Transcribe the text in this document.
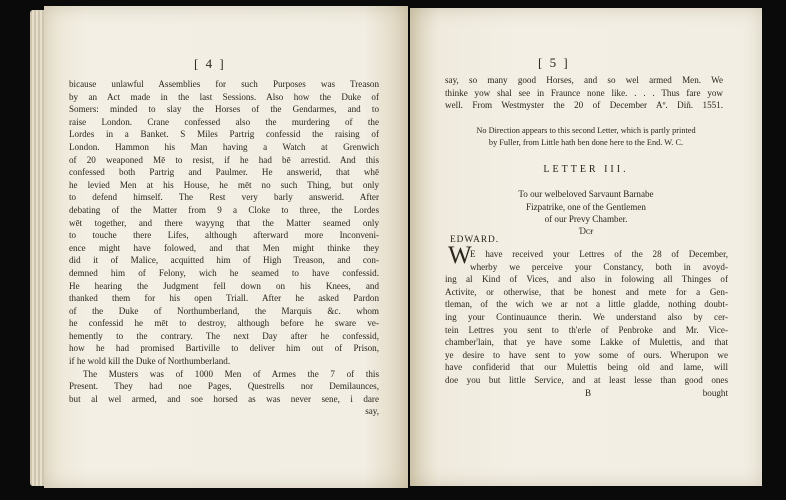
[ 4 ]
bicause unlawful Assemblies for such Purposes was Treason
by an Act made in the last Sessions. Also how the Duke of
Somers: minded to slay the Horses of the Gendarmes, and to
raise London. Crane confessed also the murdering of the
Lordes in a Banket. S Miles Partrig confessid the raising of
London. Hammon his Man having a Watch at Grenwich
of 20 weaponed Mē to resist, if he had bē arrestid. And this
confessed both Partrig and Paulmer. He answerid, that whē
he levied Men at his House, he mēt no such Thing, but only
to defend himself. The Rest very barly answerid. After
debating of the Matter from 9 a Cloke to three, the Lordes
wēt together, and there wayyng that the Matter seamed only
to touche there Lifes, although afterward more Inconveni-
ence might have folowed, and that Men might thinke they
did it of Malice, acquitted him of High Treason, and con-
demned him of Felony, wich he seamed to have confessid.
He hearing the Judgment fell down on his Knees, and
thanked them for his open Triall. After he asked Pardon
of the Duke of Northumberland, the Marquis &c. whom
he confessid he mēt to destroy, although before he sware ve-
hemently to the contrary. The next Day after he confessid,
how he had promised Bartiville to deliver him out of Prison,
if he wold kill the Duke of Northumberland.
The Musters was of 1000 Men of Armes the 7 of this
Present. They had noe Pages, Questrells nor Demilaunces,
but al wel armed, and soe horsed as was never sene, i dare
say,
[ 5 ]
say, so many good Horses, and so wel armed Men. We
thinke yow shal see in Fraunce none like. . . . Thus fare yow
well. From Westmyster the 20 of December Aº. Diñ. 1551.
No Direction appears to this second Letter, which is partly printed
by Fuller, from Little hath ben done here to the End. W. C.
LETTER III.
To our welbeloved Sarvaunt Barnabe
Fizpatrike, one of the Gentlemen
of our Prevy Chamber.
Ɗᴄɍ
EDWARD.
W
E have received your Lettres of the 28 of December,
wherby we perceive your Constancy, both in avoyd-
ing al Kind of Vices, and also in folowing all Thinges of
Activite, or otherwise, that be honest and mete for a Gen-
tleman, of the wich we ar not a little gladde, nothing doubt-
ing your Continuaunce therin. We understand also by cer-
tein Lettres you sent to th'erle of Penbroke and Mr. Vice-
chamber'lain, that ye have some Lakke of Mulettis, and that
ye desire to have sent to yow some of ours. Wherupon we
have confiderid that our Mulettis being old and lame, will
doe you but little Service, and at least lesse than good ones
B	bought
